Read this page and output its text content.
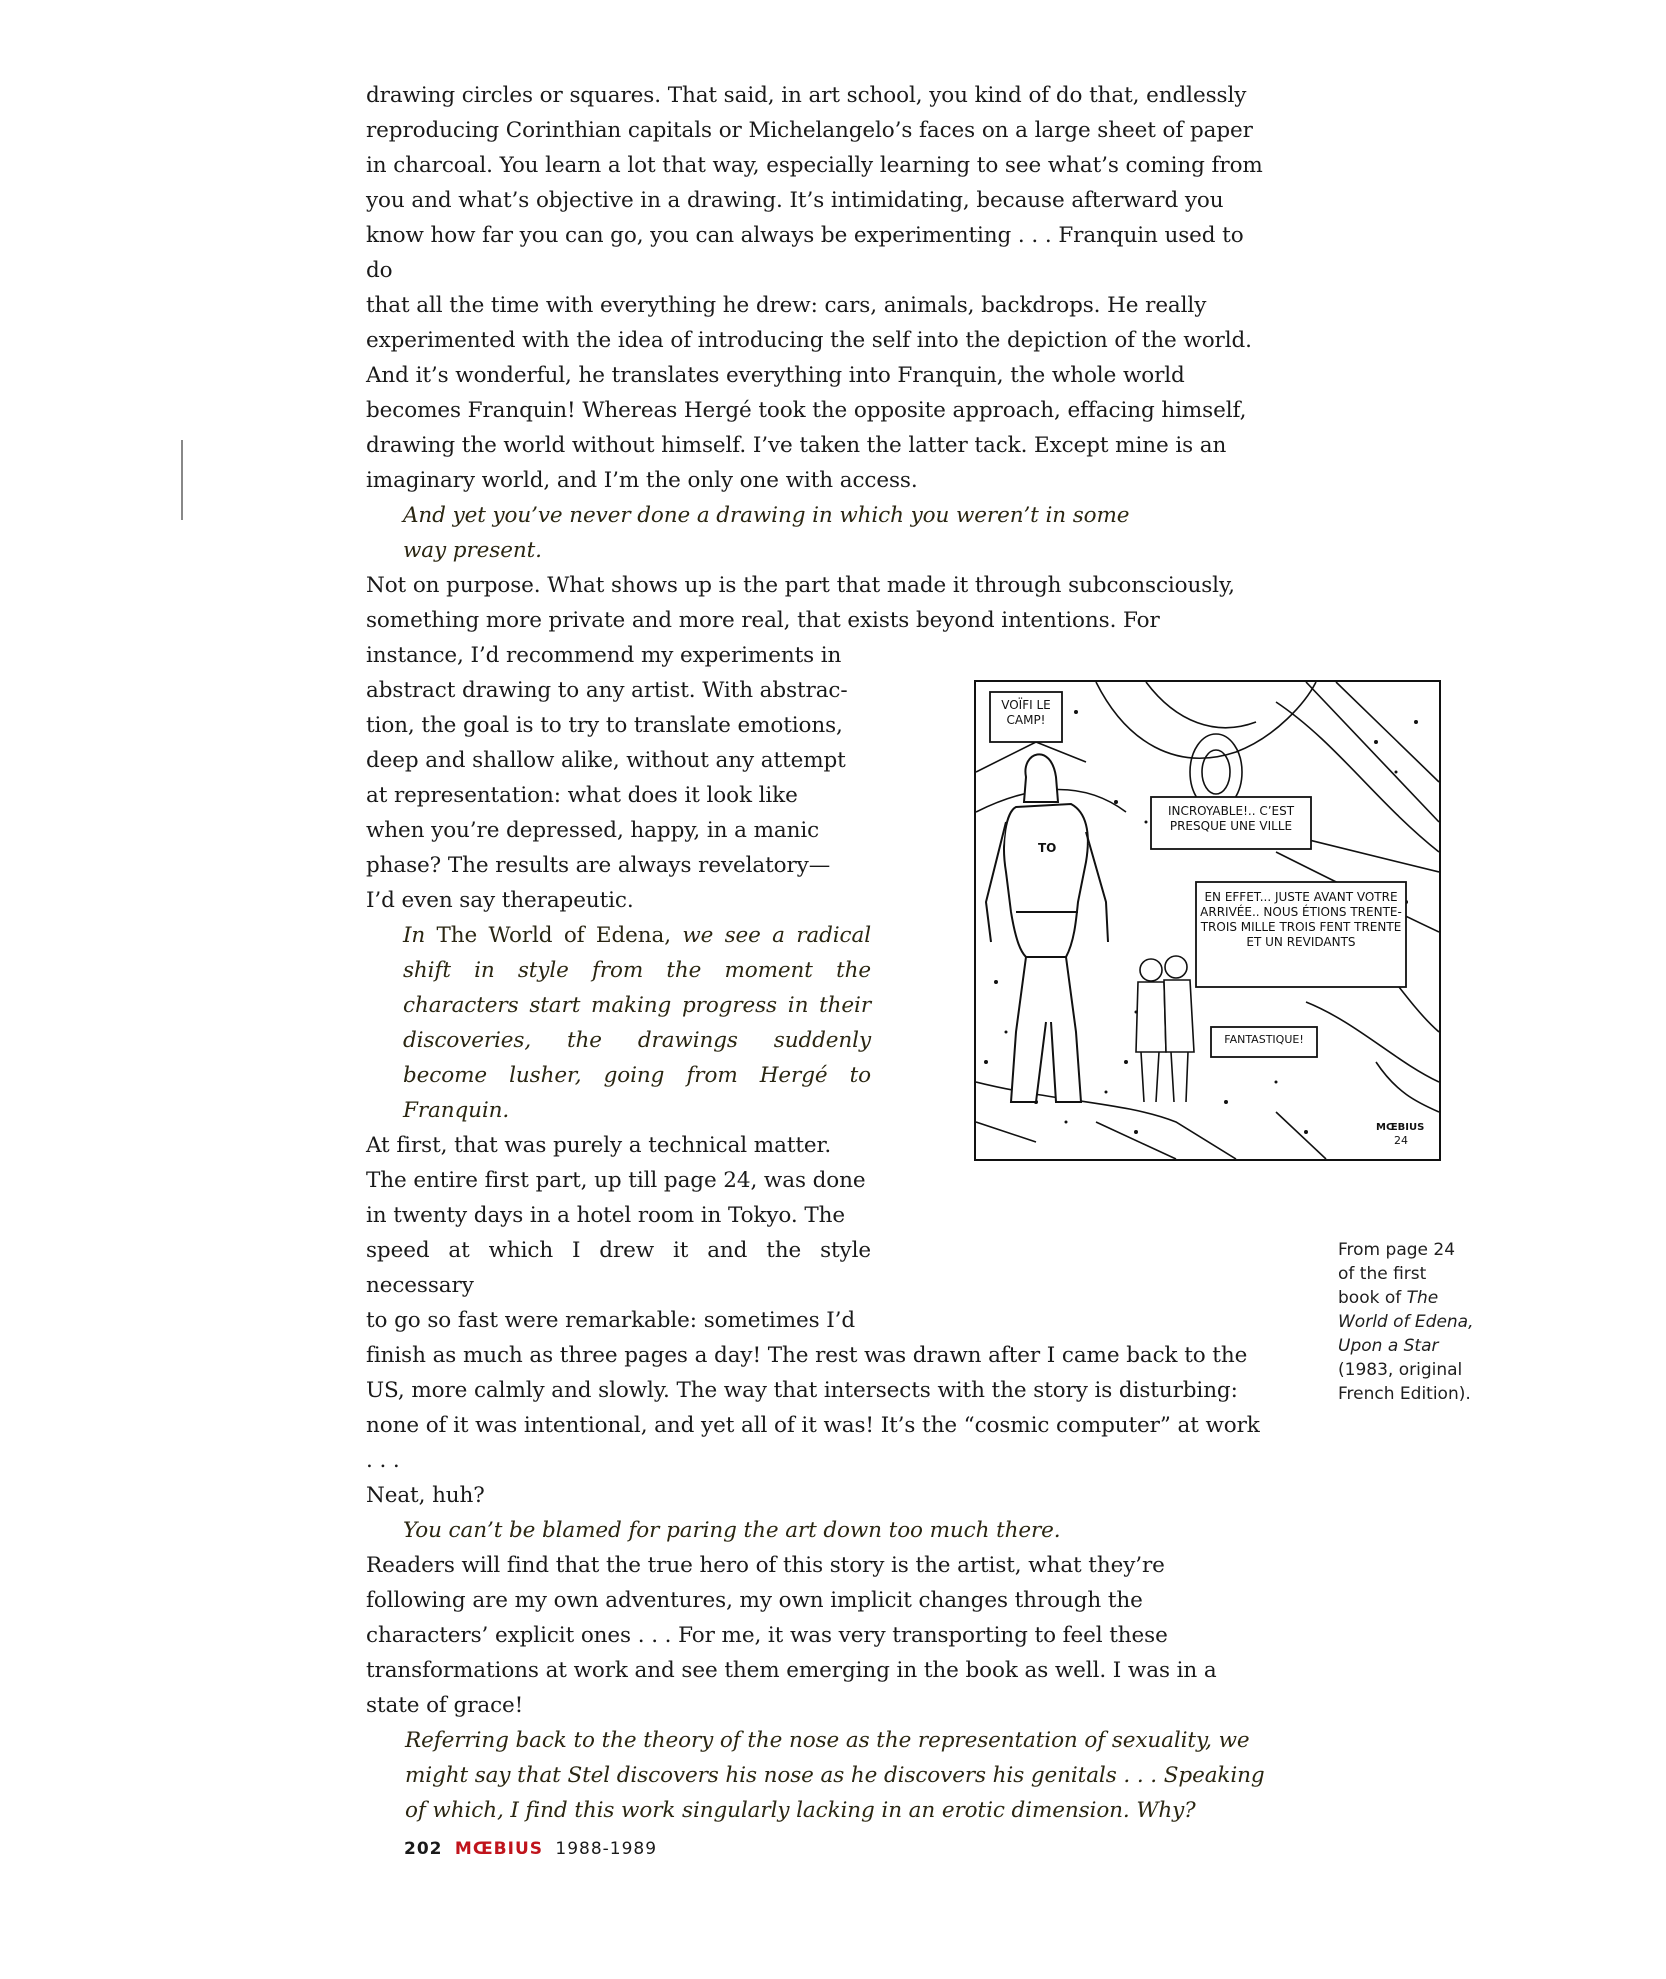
drawing circles or squares. That said, in art school, you kind of do that, endlessly

reproducing Corinthian capitals or Michelangelo’s faces on a large sheet of paper

in charcoal. You learn a lot that way, especially learning to see what’s coming from

you and what’s objective in a drawing. It’s intimidating, because afterward you

know how far you can go, you can always be experimenting . . . Franquin used to do

that all the time with everything he drew: cars, animals, backdrops. He really

experimented with the idea of introducing the self into the depiction of the world.

And it’s wonderful, he translates everything into Franquin, the whole world

becomes Franquin! Whereas Hergé took the opposite approach, effacing himself,

drawing the world without himself. I’ve taken the latter tack. Except mine is an

imaginary world, and I’m the only one with access.

And yet you’ve never done a drawing in which you weren’t in some

way present.

Not on purpose. What shows up is the part that made it through subconsciously,

something more private and more real, that exists beyond intentions. For

instance, I’d recommend my experiments in

abstract drawing to any artist. With abstrac-

tion, the goal is to try to translate emotions,

deep and shallow alike, without any attempt

at representation: what does it look like

when you’re depressed, happy, in a manic

phase? The results are always revelatory—

I’d even say therapeutic.

In The World of Edena, we see a radical shift in style from the moment the characters start making progress in their discoveries, the drawings suddenly become lusher, going from Hergé to Franquin.

At first, that was purely a technical matter.

The entire first part, up till page 24, was done

in twenty days in a hotel room in Tokyo. The

speed at which I drew it and the style necessary

to go so fast were remarkable: sometimes I’d

finish as much as three pages a day! The rest was drawn after I came back to the

US, more calmly and slowly. The way that intersects with the story is disturbing:

none of it was intentional, and yet all of it was! It’s the “cosmic computer” at work . . .

Neat, huh?

You can’t be blamed for paring the art down too much there.

Readers will find that the true hero of this story is the artist, what they’re

following are my own adventures, my own implicit changes through the

characters’ explicit ones . . . For me, it was very transporting to feel these

transformations at work and see them emerging in the book as well. I was in a

state of grace!

Referring back to the theory of the nose as the representation of sexuality, we

might say that Stel discovers his nose as he discovers his genitals . . . Speaking

of which, I find this work singularly lacking in an erotic dimension. Why?

TO
VOÏFI LE CAMP!
INCROYABLE!.. C’EST PRESQUE UNE VILLE
EN EFFET... JUSTE AVANT VOTRE ARRIVÉE.. NOUS ÉTIONS TRENTE-TROIS MILLE TROIS FENT TRENTE ET UN REVIDANTS
FANTASTIQUE!
MŒBIUS
24
From page 24
of the first
book of The
World of Edena,
Upon a Star
(1983, original
French Edition).
202 MŒBIUS 1988-1989
